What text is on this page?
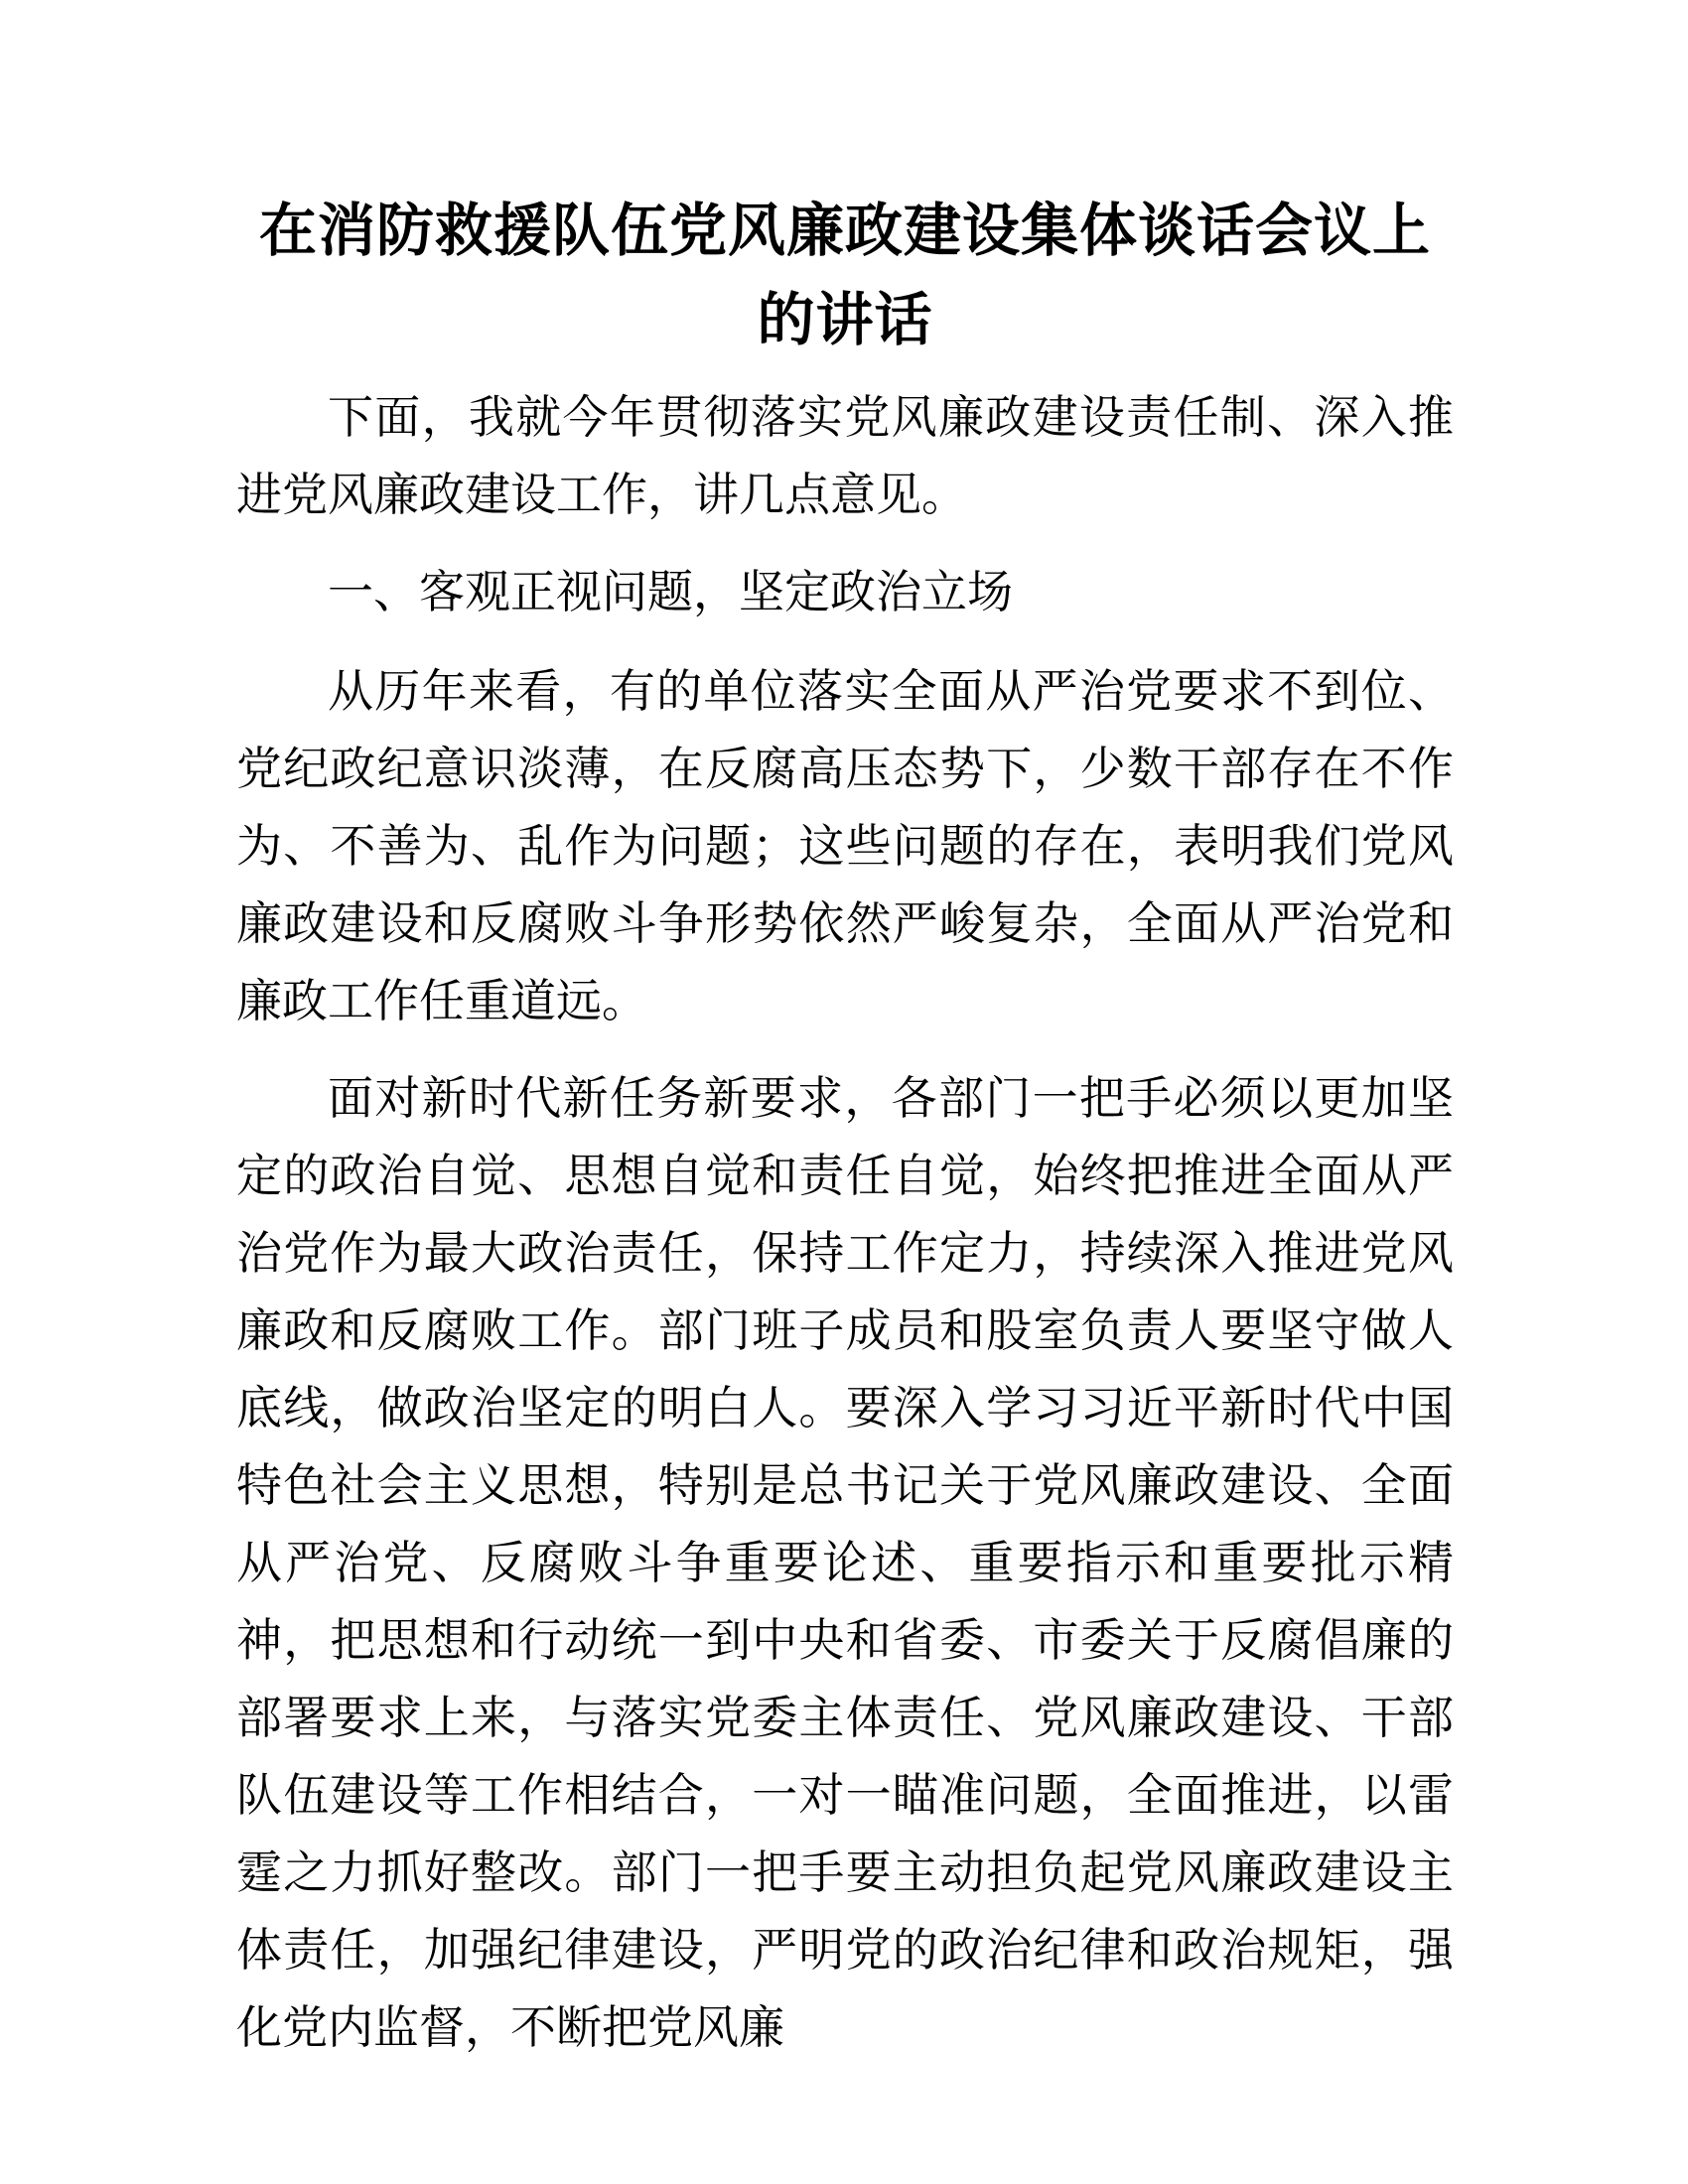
在消防救援队伍党风廉政建设集体谈话会议上
的讲话

下面，我就今年贯彻落实党风廉政建设责任制、深入推进党风廉政建设工作，讲几点意见。

一、客观正视问题，坚定政治立场

从历年来看，有的单位落实全面从严治党要求不到位、党纪政纪意识淡薄，在反腐高压态势下，少数干部存在不作为、不善为、乱作为问题；这些问题的存在，表明我们党风廉政建设和反腐败斗争形势依然严峻复杂，全面从严治党和廉政工作任重道远。

面对新时代新任务新要求，各部门一把手必须以更加坚定的政治自觉、思想自觉和责任自觉，始终把推进全面从严治党作为最大政治责任，保持工作定力，持续深入推进党风廉政和反腐败工作。部门班子成员和股室负责人要坚守做人底线，做政治坚定的明白人。要深入学习习近平新时代中国特色社会主义思想，特别是总书记关于党风廉政建设、全面从严治党、反腐败斗争重要论述、重要指示和重要批示精神，把思想和行动统一到中央和省委、市委关于反腐倡廉的部署要求上来，与落实党委主体责任、党风廉政建设、干部队伍建设等工作相结合，一对一瞄准问题，全面推进，以雷霆之力抓好整改。部门一把手要主动担负起党风廉政建设主体责任，加强纪律建设，严明党的政治纪律和政治规矩，强化党内监督，不断把党风廉
